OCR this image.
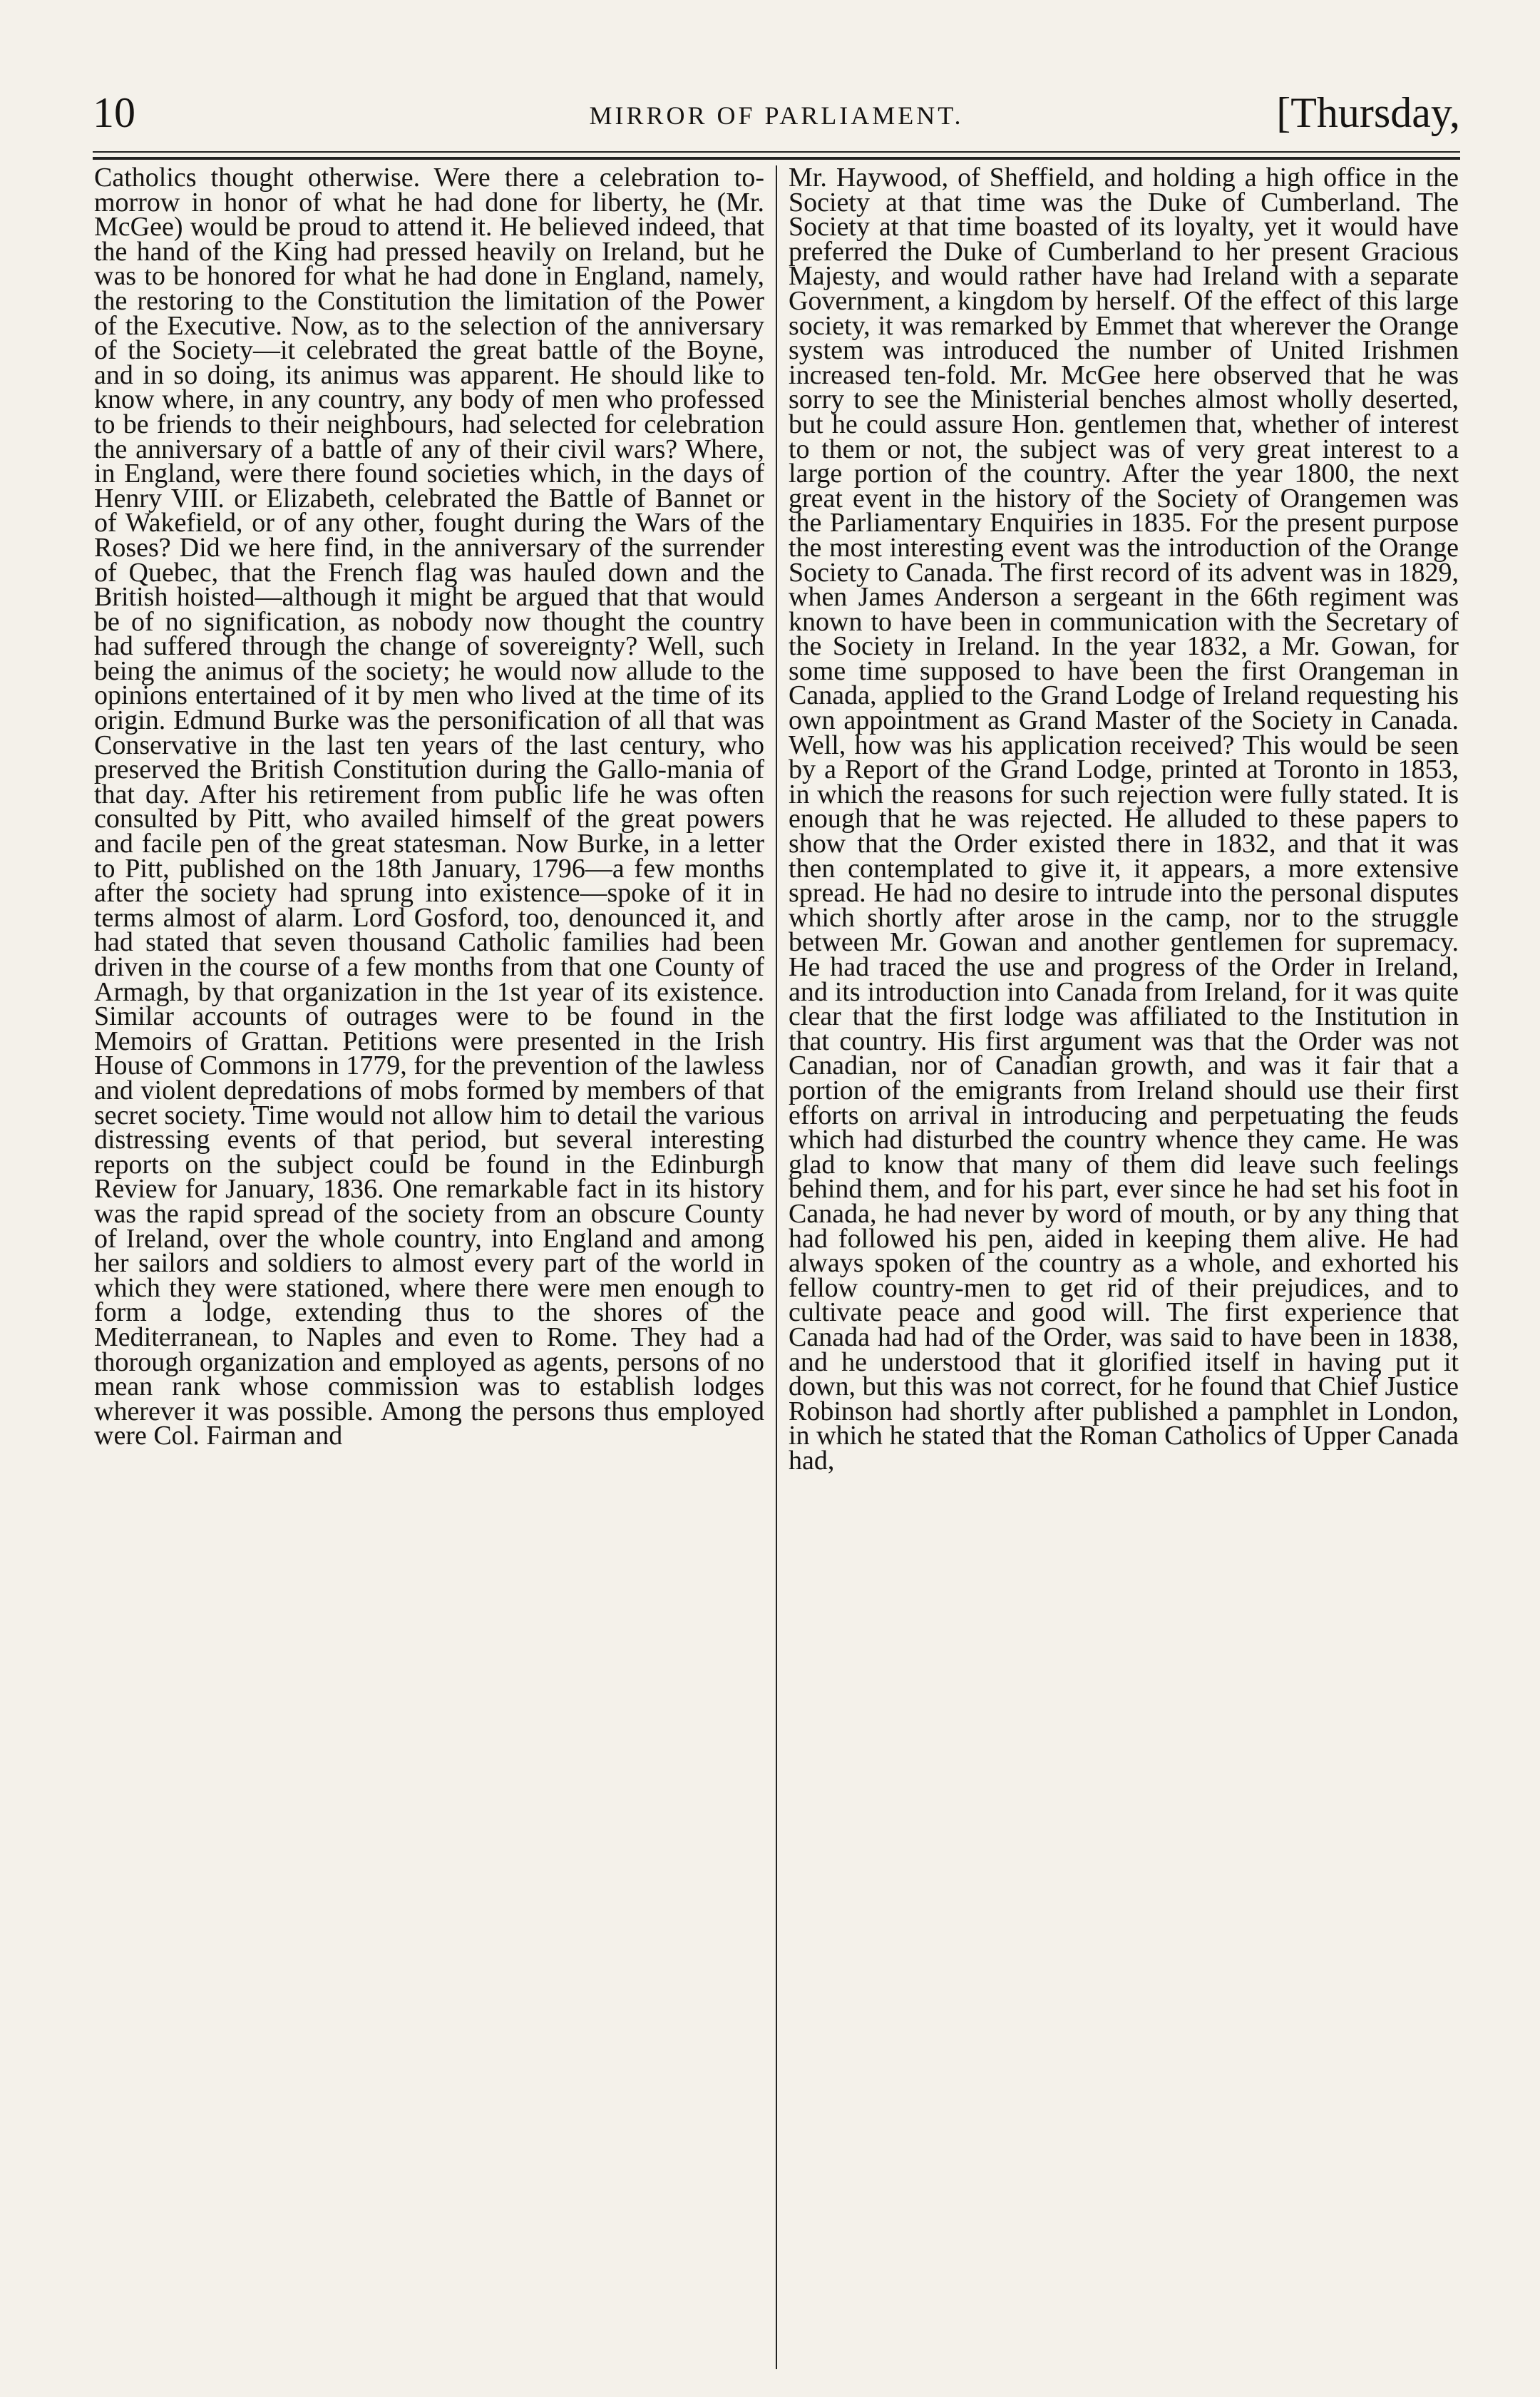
10	MIRROR OF PARLIAMENT.	[Thursday,

Catholics thought otherwise. Were there a celebration to-morrow in honor of what he had done for liberty, he (Mr. McGee) would be proud to attend it. He believed indeed, that the hand of the King had pressed heavily on Ireland, but he was to be honored for what he had done in England, namely, the restoring to the Constitution the limitation of the Power of the Executive. Now, as to the selection of the anniversary of the Society—it celebrated the great battle of the Boyne, and in so doing, its animus was apparent. He should like to know where, in any country, any body of men who professed to be friends to their neighbours, had selected for celebration the anniversary of a battle of any of their civil wars? Where, in England, were there found societies which, in the days of Henry VIII. or Elizabeth, celebrated the Battle of Bannet or of Wakefield, or of any other, fought during the Wars of the Roses? Did we here find, in the anniversary of the surrender of Quebec, that the French flag was hauled down and the British hoisted—although it might be argued that that would be of no signification, as nobody now thought the country had suffered through the change of sovereignty? Well, such being the animus of the society; he would now allude to the opinions entertained of it by men who lived at the time of its origin. Edmund Burke was the personification of all that was Conservative in the last ten years of the last century, who preserved the British Constitution during the Gallo-mania of that day. After his retirement from public life he was often consulted by Pitt, who availed himself of the great powers and facile pen of the great statesman. Now Burke, in a letter to Pitt, published on the 18th January, 1796—a few months after the society had sprung into existence—spoke of it in terms almost of alarm. Lord Gosford, too, denounced it, and had stated that seven thousand Catholic families had been driven in the course of a few months from that one County of Armagh, by that organization in the 1st year of its existence. Similar accounts of outrages were to be found in the Memoirs of Grattan. Petitions were presented in the Irish House of Commons in 1779, for the prevention of the lawless and violent depredations of mobs formed by members of that secret society. Time would not allow him to detail the various distressing events of that period, but several interesting reports on the subject could be found in the Edinburgh Review for January, 1836. One remarkable fact in its history was the rapid spread of the society from an obscure County of Ireland, over the whole country, into England and among her sailors and soldiers to almost every part of the world in which they were stationed, where there were men enough to form a lodge, extending thus to the shores of the Mediterranean, to Naples and even to Rome. They had a thorough organization and employed as agents, persons of no mean rank whose commission was to establish lodges wherever it was possible. Among the persons thus employed were Col. Fairman and

Mr. Haywood, of Sheffield, and holding a high office in the Society at that time was the Duke of Cumberland. The Society at that time boasted of its loyalty, yet it would have preferred the Duke of Cumberland to her present Gracious Majesty, and would rather have had Ireland with a separate Government, a kingdom by herself. Of the effect of this large society, it was remarked by Emmet that wherever the Orange system was introduced the number of United Irishmen increased ten-fold. Mr. McGee here observed that he was sorry to see the Ministerial benches almost wholly deserted, but he could assure Hon. gentlemen that, whether of interest to them or not, the subject was of very great interest to a large portion of the country. After the year 1800, the next great event in the history of the Society of Orangemen was the Parliamentary Enquiries in 1835. For the present purpose the most interesting event was the introduction of the Orange Society to Canada. The first record of its advent was in 1829, when James Anderson a sergeant in the 66th regiment was known to have been in communication with the Secretary of the Society in Ireland. In the year 1832, a Mr. Gowan, for some time supposed to have been the first Orangeman in Canada, applied to the Grand Lodge of Ireland requesting his own appointment as Grand Master of the Society in Canada. Well, how was his application received? This would be seen by a Report of the Grand Lodge, printed at Toronto in 1853, in which the reasons for such rejection were fully stated. It is enough that he was rejected. He alluded to these papers to show that the Order existed there in 1832, and that it was then contemplated to give it, it appears, a more extensive spread. He had no desire to intrude into the personal disputes which shortly after arose in the camp, nor to the struggle between Mr. Gowan and another gentlemen for supremacy. He had traced the use and progress of the Order in Ireland, and its introduction into Canada from Ireland, for it was quite clear that the first lodge was affiliated to the Institution in that country. His first argument was that the Order was not Canadian, nor of Canadian growth, and was it fair that a portion of the emigrants from Ireland should use their first efforts on arrival in introducing and perpetuating the feuds which had disturbed the country whence they came. He was glad to know that many of them did leave such feelings behind them, and for his part, ever since he had set his foot in Canada, he had never by word of mouth, or by any thing that had followed his pen, aided in keeping them alive. He had always spoken of the country as a whole, and exhorted his fellow country-men to get rid of their prejudices, and to cultivate peace and good will. The first experience that Canada had had of the Order, was said to have been in 1838, and he understood that it glorified itself in having put it down, but this was not correct, for he found that Chief Justice Robinson had shortly after published a pamphlet in London, in which he stated that the Roman Catholics of Upper Canada had,
